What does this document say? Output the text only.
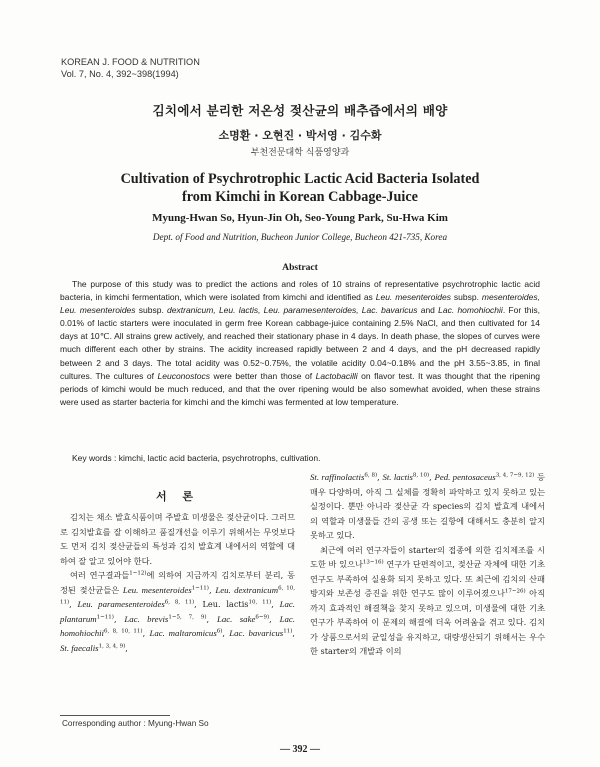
KOREAN J. FOOD & NUTRITION
Vol. 7, No. 4, 392~398(1994)
김치에서 분리한 저온성 젖산균의 배추즙에서의 배양
소명환 · 오현진 · 박서영 · 김수화
부천전문대학 식품영양과
Cultivation of Psychrotrophic Lactic Acid Bacteria Isolated
from Kimchi in Korean Cabbage-Juice
Myung-Hwan So, Hyun-Jin Oh, Seo-Young Park, Su-Hwa Kim
Dept. of Food and Nutrition, Bucheon Junior College, Bucheon 421-735, Korea
Abstract

The purpose of this study was to predict the actions and roles of 10 strains of representative psychrotrophic lactic acid bacteria, in kimchi fermentation, which were isolated from kimchi and identified as Leu. mesenteroides subsp. mesenteroides, Leu. mesenteroides subsp. dextranicum, Leu. lactis, Leu. paramesenteroides, Lac. bavaricus and Lac. homohiochii. For this, 0.01% of lactic starters were inoculated in germ free Korean cabbage-juice containing 2.5% NaCl, and then cultivated for 14 days at 10℃. All strains grew actively, and reached their stationary phase in 4 days. In death phase, the slopes of curves were much different each other by strains. The acidity increased rapidly between 2 and 4 days, and the pH decreased rapidly between 2 and 3 days. The total acidity was 0.52~0.75%, the volatile acidity 0.04~0.18% and the pH 3.55~3.85, in final cultures. The cultures of Leuconostocs were better than those of Lactobacilli on flavor test. It was thought that the ripening periods of kimchi would be much reduced, and that the over ripening would be also somewhat avoided, when these strains were used as starter bacteria for kimchi and the kimchi was fermented at low temperature.

Key words : kimchi, lactic acid bacteria, psychrotrophs, cultivation.
서 론

김치는 채소 발효식품이며 주발효 미생물은 젖산균이다. 그러므로 김치발효를 잘 이해하고 품질개선을 이루기 위해서는 무엇보다도 먼저 김치 젖산균들의 특성과 김치 발효계 내에서의 역할에 대하여 잘 알고 있어야 한다.

여러 연구결과들$^{1\sim 12)}$에 의하여 지금까지 김치로부터 분리, 동정된 젖산균들은 Leu. mesenteroides$^{1\sim 11)}$, Leu. dextranicum$^{6, 10, 11)}$, Leu. paramesenteroides$^{6, 8, 11)}$, Leu. lactis$^{10, 11)}$, Lac. plantarum$^{1\sim 11)}$, Lac. brevis$^{1\sim 5, 7, 9)}$, Lac. sake$^{6\sim 9)}$, Lac. homohiochii$^{6, 8, 10, 11)}$, Lac. maltaromicus$^{6)}$, Lac. bavaricus$^{11)}$, St. faecalis$^{1, 3, 4, 9)}$,

St. raffinolactis$^{6, 8)}$, St. lactis$^{8, 10)}$, Ped. pentosaceus$^{3, 4, 7\sim 9, 12)}$ 등 매우 다양하며, 아직 그 실체를 정확히 파악하고 있지 못하고 있는 실정이다. 뿐만 아니라 젖산균 각 species의 김치 발효계 내에서의 역할과 미생물들 간의 공생 또는 길항에 대해서도 충분히 알지 못하고 있다.

최근에 여러 연구자들이 starter의 접종에 의한 김치제조를 시도한 바 있으나$^{13\sim 16)}$ 연구가 단편적이고, 젖산균 자체에 대한 기초연구도 부족하여 실용화 되지 못하고 있다. 또 최근에 김치의 산패방지와 보존성 증진을 위한 연구도 많이 이루어졌으나$^{17\sim 26)}$ 아직까지 효과적인 해결책을 찾지 못하고 있으며, 미생물에 대한 기초연구가 부족하여 이 문제의 해결에 더욱 어려움을 겪고 있다. 김치가 상품으로서의 균일성을 유지하고, 대량생산되기 위해서는 우수한 starter의 개발과 이의

Corresponding author : Myung-Hwan So
— 392 —
